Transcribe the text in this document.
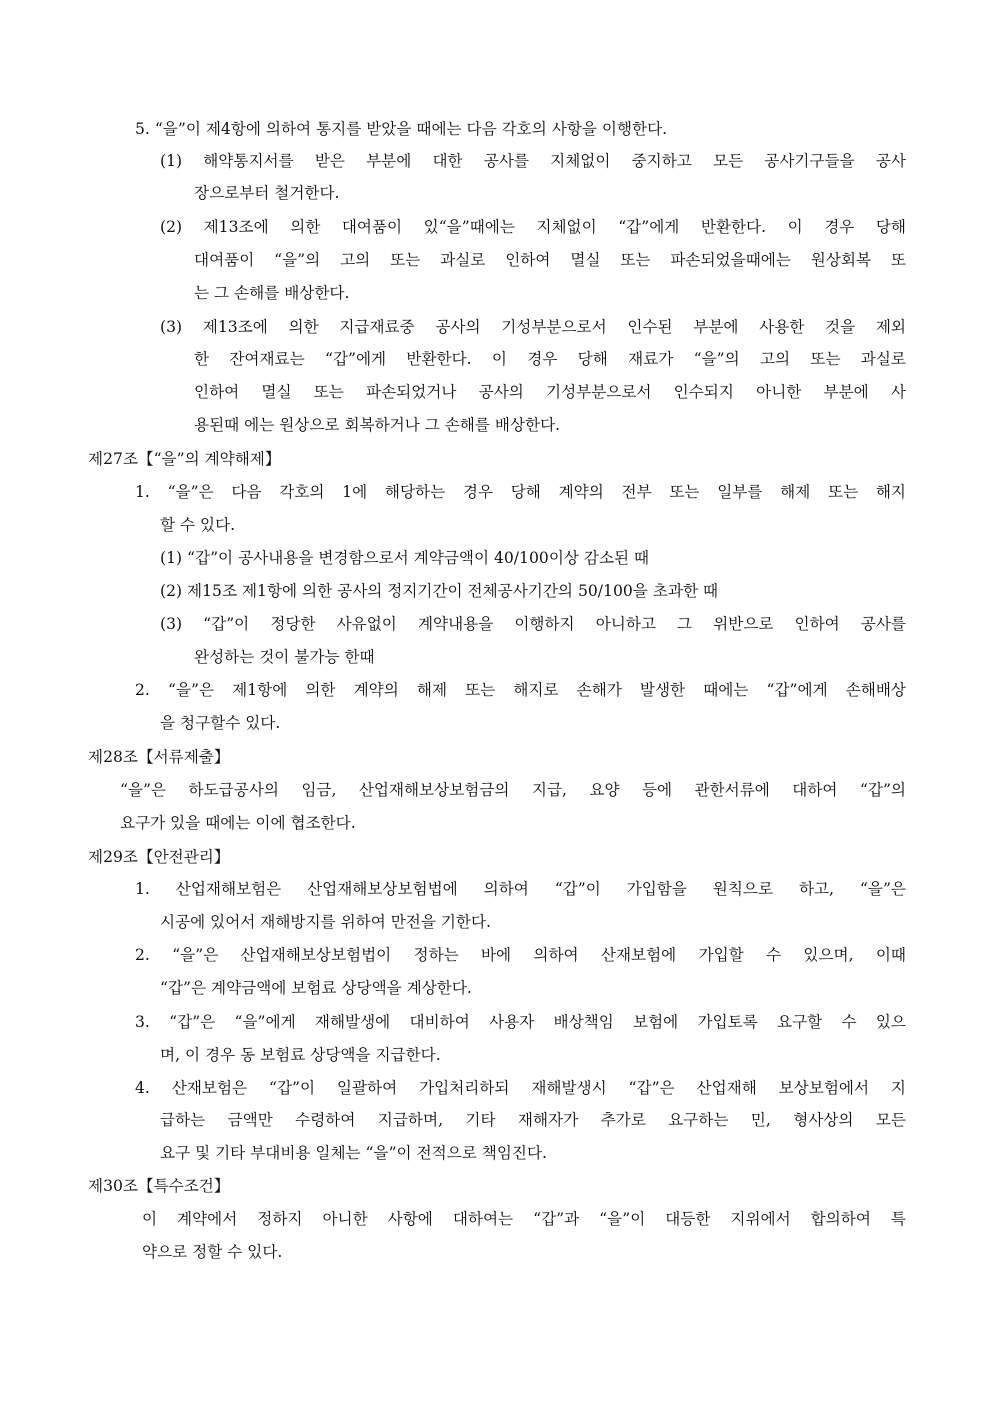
5. “을”이 제4항에 의하여 통지를 받았을 때에는 다음 각호의 사항을 이행한다.
(1) 해약통지서를 받은 부분에 대한 공사를 지체없이 중지하고 모든 공사기구들을 공사
장으로부터 철거한다.
(2) 제13조에 의한 대여품이 있“을”때에는 지체없이 “갑”에게 반환한다. 이 경우 당해
대여품이 “을”의 고의 또는 과실로 인하여 멸실 또는 파손되었을때에는 원상회복 또
는 그 손해를 배상한다.
(3) 제13조에 의한 지급재료중 공사의 기성부분으로서 인수된 부분에 사용한 것을 제외
한 잔여재료는 “갑”에게 반환한다. 이 경우 당해 재료가 “을”의 고의 또는 과실로
인하여 멸실 또는 파손되었거나 공사의 기성부분으로서 인수되지 아니한 부분에 사
용된때 에는 원상으로 회복하거나 그 손해를 배상한다.
제27조【“을”의 계약해제】
1. “을”은 다음 각호의 1에 해당하는 경우 당해 계약의 전부 또는 일부를 해제 또는 해지
할 수 있다.
(1) “갑”이 공사내용을 변경함으로서 계약금액이 40/100이상 감소된 때
(2) 제15조 제1항에 의한 공사의 정지기간이 전체공사기간의 50/100을 초과한 때
(3) “갑”이 정당한 사유없이 계약내용을 이행하지 아니하고 그 위반으로 인하여 공사를
완성하는 것이 불가능 한때
2. “을”은 제1항에 의한 계약의 해제 또는 해지로 손해가 발생한 때에는 “갑”에게 손해배상
을 청구할수 있다.
제28조【서류제출】
“을”은 하도급공사의 임금, 산업재해보상보험금의 지급, 요양 등에 관한서류에 대하여 “갑”의
요구가 있을 때에는 이에 협조한다.
제29조【안전관리】
1. 산업재해보험은 산업재해보상보험법에 의하여 “갑”이 가입함을 원칙으로 하고, “을”은
시공에 있어서 재해방지를 위하여 만전을 기한다.
2. “을”은 산업재해보상보험법이 정하는 바에 의하여 산재보험에 가입할 수 있으며, 이때
“갑”은 계약금액에 보험료 상당액을 계상한다.
3. “갑”은 “을”에게 재해발생에 대비하여 사용자 배상책임 보험에 가입토록 요구할 수 있으
며, 이 경우 동 보험료 상당액을 지급한다.
4. 산재보험은 “갑”이 일괄하여 가입처리하되 재해발생시 “갑”은 산업재해 보상보험에서 지
급하는 금액만 수령하여 지급하며, 기타 재해자가 추가로 요구하는 민, 형사상의 모든
요구 및 기타 부대비용 일체는 “을”이 전적으로 책임진다.
제30조【특수조건】
이 계약에서 정하지 아니한 사항에 대하여는 “갑”과 “을”이 대등한 지위에서 합의하여 특
약으로 정할 수 있다.
